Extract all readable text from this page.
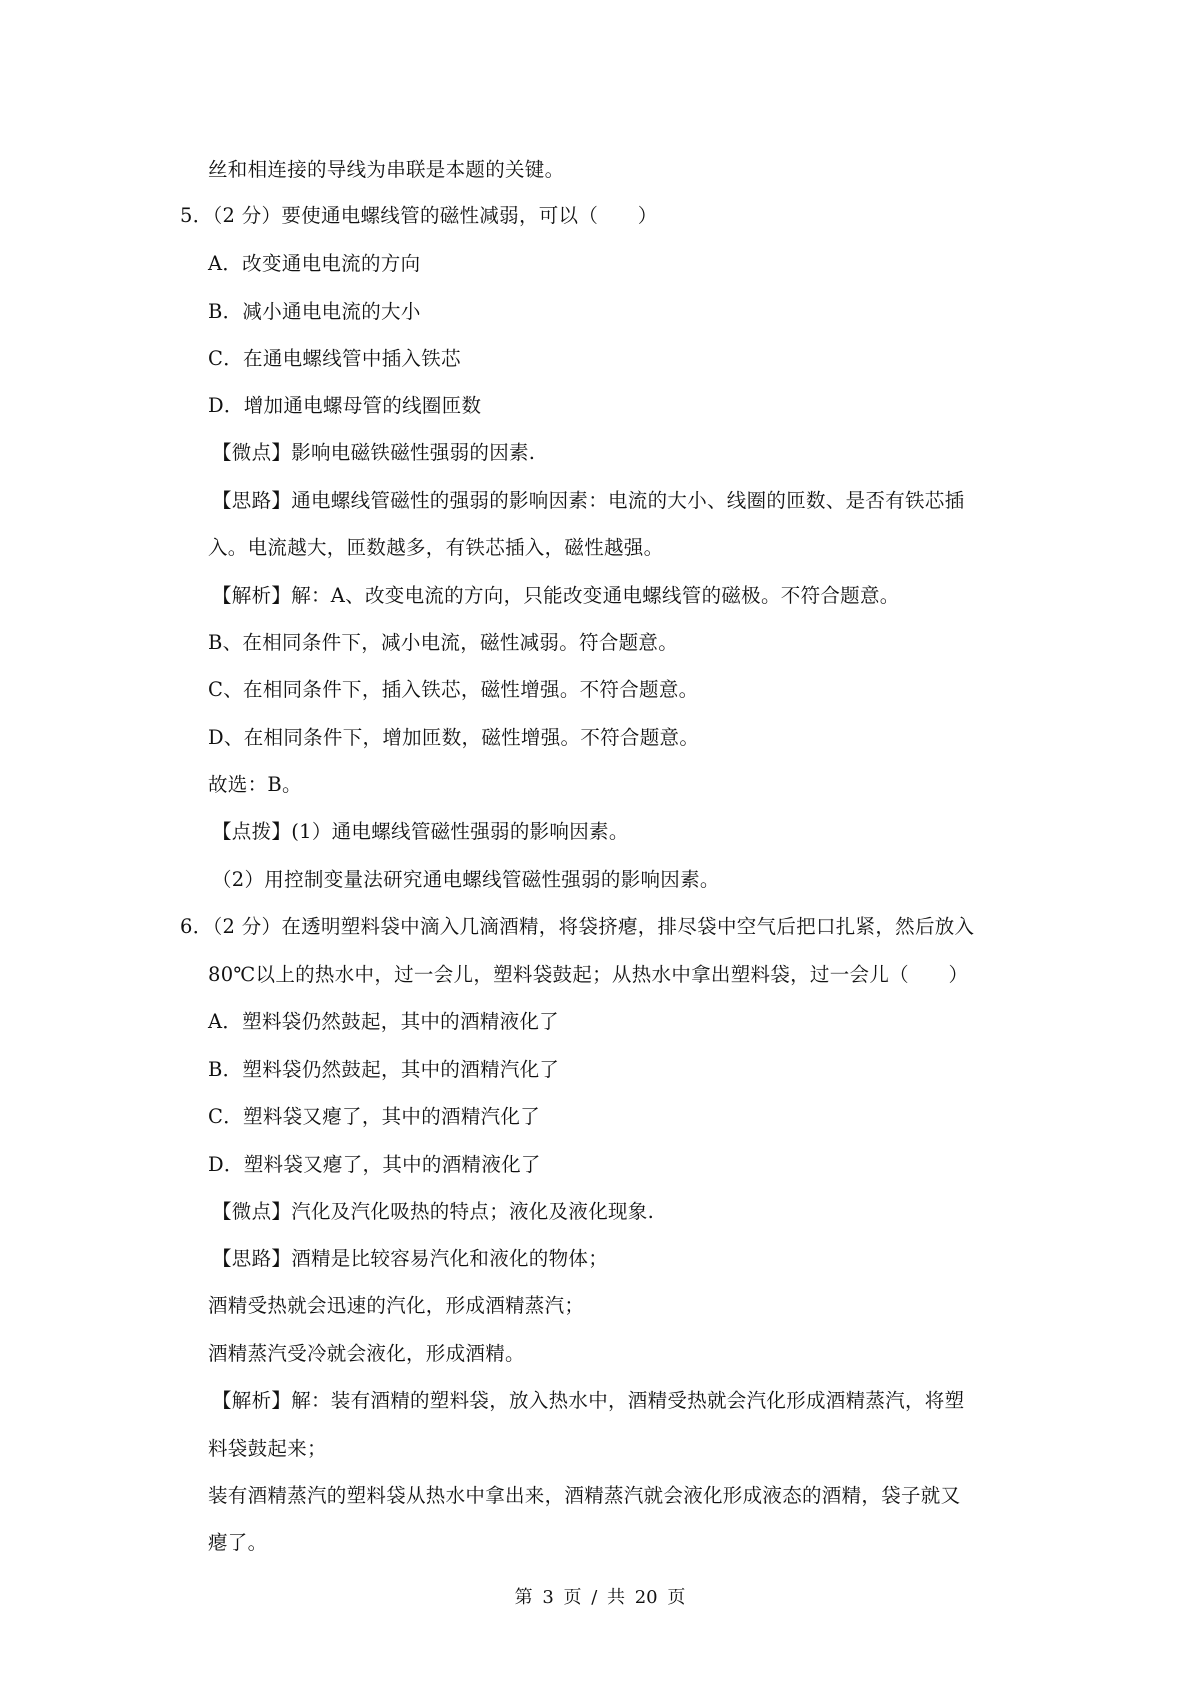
丝和相连接的导线为串联是本题的关键。
5．（2 分）要使通电螺线管的磁性减弱，可以（　　）
A．改变通电电流的方向
B．减小通电电流的大小
C．在通电螺线管中插入铁芯
D．增加通电螺母管的线圈匝数
【微点】影响电磁铁磁性强弱的因素.
【思路】通电螺线管磁性的强弱的影响因素：电流的大小、线圈的匝数、是否有铁芯插
入。电流越大，匝数越多，有铁芯插入，磁性越强。
【解析】解：A、改变电流的方向，只能改变通电螺线管的磁极。不符合题意。
B、在相同条件下，减小电流，磁性减弱。符合题意。
C、在相同条件下，插入铁芯，磁性增强。不符合题意。
D、在相同条件下，增加匝数，磁性增强。不符合题意。
故选：B。
【点拨】(1）通电螺线管磁性强弱的影响因素。
（2）用控制变量法研究通电螺线管磁性强弱的影响因素。
6．（2 分）在透明塑料袋中滴入几滴酒精，将袋挤瘪，排尽袋中空气后把口扎紧，然后放入
80℃以上的热水中，过一会儿，塑料袋鼓起；从热水中拿出塑料袋，过一会儿（　　）
A．塑料袋仍然鼓起，其中的酒精液化了
B．塑料袋仍然鼓起，其中的酒精汽化了
C．塑料袋又瘪了，其中的酒精汽化了
D．塑料袋又瘪了，其中的酒精液化了
【微点】汽化及汽化吸热的特点；液化及液化现象.
【思路】酒精是比较容易汽化和液化的物体；
酒精受热就会迅速的汽化，形成酒精蒸汽；
酒精蒸汽受冷就会液化，形成酒精。
【解析】解：装有酒精的塑料袋，放入热水中，酒精受热就会汽化形成酒精蒸汽，将塑
料袋鼓起来；
装有酒精蒸汽的塑料袋从热水中拿出来，酒精蒸汽就会液化形成液态的酒精，袋子就又
瘪了。
第 3 页 / 共 20 页
